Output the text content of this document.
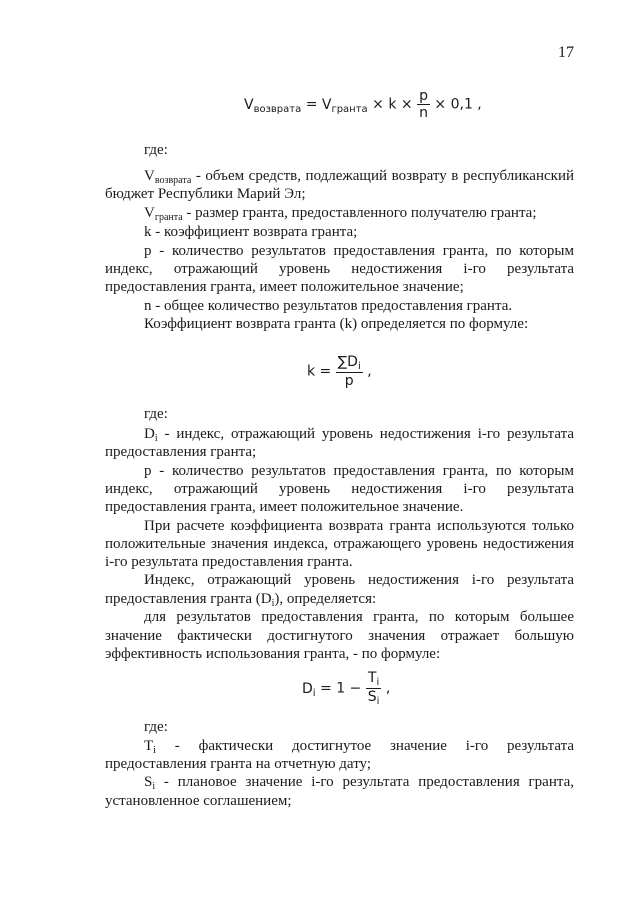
17
$V_{возврата} = V_{гранта} \times k \times \frac{p}{n} \times 0,1$ ,
где:
$V_{возврата}$ - объем средств, подлежащий возврату в республиканский
бюджет Республики Марий Эл;
$V_{гранта}$ - размер гранта, предоставленного получателю гранта;
k - коэффициент возврата гранта;
p - количество результатов предоставления гранта, по которым
индекс, отражающий уровень недостижения i-го результата
предоставления гранта, имеет положительное значение;
n - общее количество результатов предоставления гранта.
Коэффициент возврата гранта (k) определяется по формуле:
$k = \frac{\sum D_i}{p}$ ,
где:
$D_i$ - индекс, отражающий уровень недостижения i-го результата
предоставления гранта;
p - количество результатов предоставления гранта, по которым
индекс, отражающий уровень недостижения i-го результата
предоставления гранта, имеет положительное значение.
При расчете коэффициента возврата гранта используются только
положительные значения индекса, отражающего уровень недостижения
i-го результата предоставления гранта.
Индекс, отражающий уровень недостижения i-го результата
предоставления гранта $(D_i)$, определяется:
для результатов предоставления гранта, по которым большее
значение фактически достигнутого значения отражает большую
эффективность использования гранта, - по формуле:
$D_i = 1 - \frac{T_i}{S_i}$ ,
где:
$T_i$ - фактически достигнутое значение i-го результата
предоставления гранта на отчетную дату;
$S_i$ - плановое значение i-го результата предоставления гранта,
установленное соглашением;
